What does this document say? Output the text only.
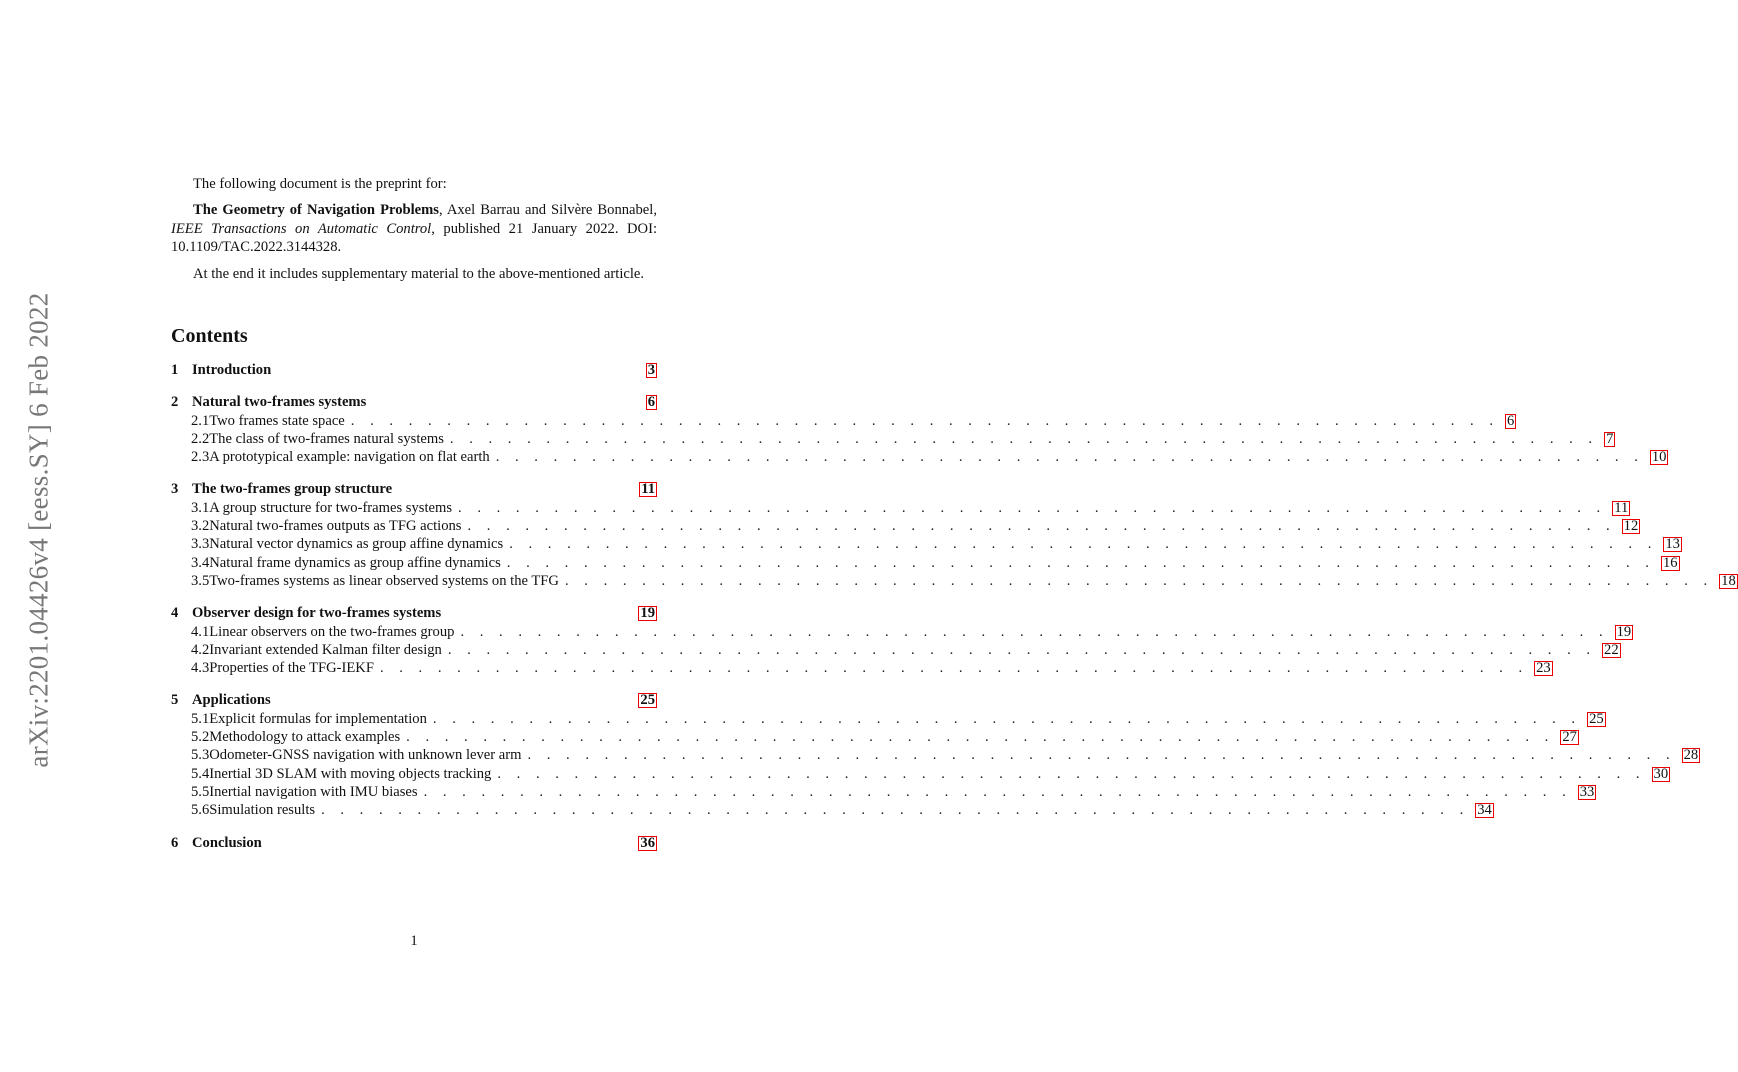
arXiv:2201.04426v4 [eess.SY] 6 Feb 2022

The following document is the preprint for:

The Geometry of Navigation Problems, Axel Barrau and Silvère Bonnabel, IEEE Transactions on Automatic Control, published 21 January 2022. DOI: 10.1109/TAC.2022.3144328.

At the end it includes supplementary material to the above-mentioned article.

Contents
1 Introduction	3
2 Natural two-frames systems	6
2.1 Two frames state space . . . . . . . . . . . . . . . . . . . . . . . . . . . . . . . . . . . . . . . . . . . . . . . . . . . . . . . . . . . . 6
2.2 The class of two-frames natural systems . . . . . . . . . . . . . . . . . . . . . . . . . . . . . . . . . . . . . . . . . . . . . . . . . . . . . . . . . . . . 7
2.3 A prototypical example: navigation on flat earth . . . . . . . . . . . . . . . . . . . . . . . . . . . . . . . . . . . . . . . . . . . . . . . . . . . . . . . . . . . . 10
3 The two-frames group structure	11
3.1 A group structure for two-frames systems . . . . . . . . . . . . . . . . . . . . . . . . . . . . . . . . . . . . . . . . . . . . . . . . . . . . . . . . . . . . 11
3.2 Natural two-frames outputs as TFG actions . . . . . . . . . . . . . . . . . . . . . . . . . . . . . . . . . . . . . . . . . . . . . . . . . . . . . . . . . . . . 12
3.3 Natural vector dynamics as group affine dynamics . . . . . . . . . . . . . . . . . . . . . . . . . . . . . . . . . . . . . . . . . . . . . . . . . . . . . . . . . . . . 13
3.4 Natural frame dynamics as group affine dynamics . . . . . . . . . . . . . . . . . . . . . . . . . . . . . . . . . . . . . . . . . . . . . . . . . . . . . . . . . . . . 16
3.5 Two-frames systems as linear observed systems on the TFG . . . . . . . . . . . . . . . . . . . . . . . . . . . . . . . . . . . . . . . . . . . . . . . . . . . . . . . . . . . . 18
4 Observer design for two-frames systems	19
4.1 Linear observers on the two-frames group . . . . . . . . . . . . . . . . . . . . . . . . . . . . . . . . . . . . . . . . . . . . . . . . . . . . . . . . . . . . 19
4.2 Invariant extended Kalman filter design . . . . . . . . . . . . . . . . . . . . . . . . . . . . . . . . . . . . . . . . . . . . . . . . . . . . . . . . . . . . 22
4.3 Properties of the TFG-IEKF . . . . . . . . . . . . . . . . . . . . . . . . . . . . . . . . . . . . . . . . . . . . . . . . . . . . . . . . . . . . 23
5 Applications	25
5.1 Explicit formulas for implementation . . . . . . . . . . . . . . . . . . . . . . . . . . . . . . . . . . . . . . . . . . . . . . . . . . . . . . . . . . . . 25
5.2 Methodology to attack examples . . . . . . . . . . . . . . . . . . . . . . . . . . . . . . . . . . . . . . . . . . . . . . . . . . . . . . . . . . . . 27
5.3 Odometer-GNSS navigation with unknown lever arm . . . . . . . . . . . . . . . . . . . . . . . . . . . . . . . . . . . . . . . . . . . . . . . . . . . . . . . . . . . . 28
5.4 Inertial 3D SLAM with moving objects tracking . . . . . . . . . . . . . . . . . . . . . . . . . . . . . . . . . . . . . . . . . . . . . . . . . . . . . . . . . . . . 30
5.5 Inertial navigation with IMU biases . . . . . . . . . . . . . . . . . . . . . . . . . . . . . . . . . . . . . . . . . . . . . . . . . . . . . . . . . . . . 33
5.6 Simulation results . . . . . . . . . . . . . . . . . . . . . . . . . . . . . . . . . . . . . . . . . . . . . . . . . . . . . . . . . . . . 34
6 Conclusion	36
1
